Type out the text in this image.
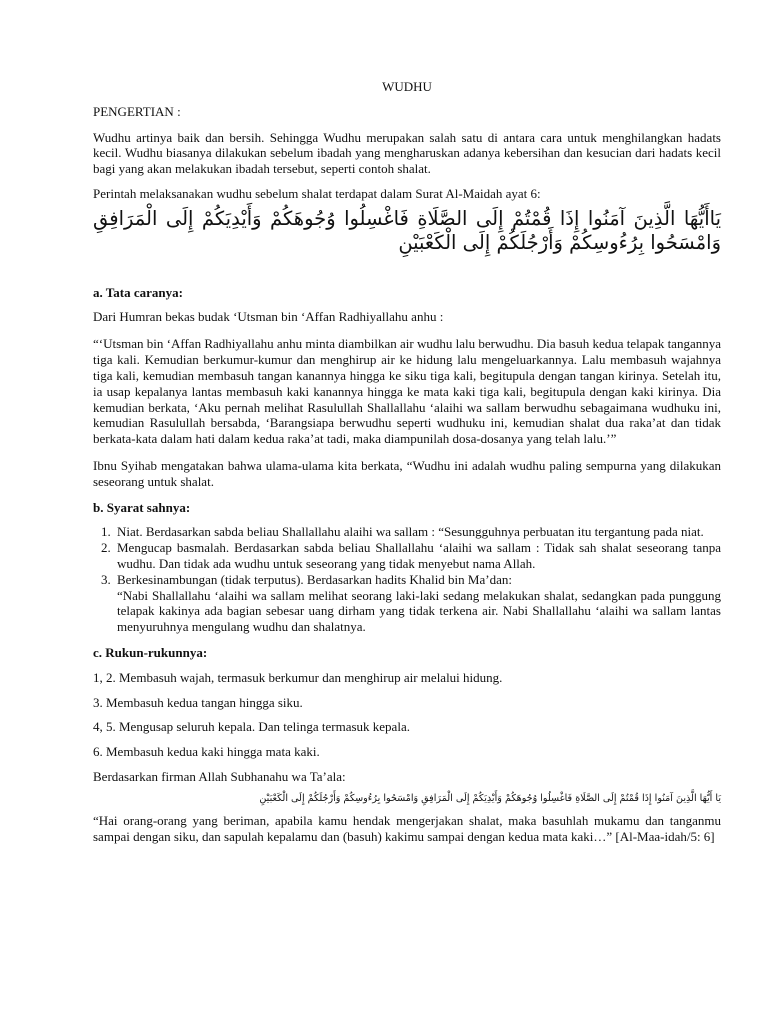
WUDHU

PENGERTIAN :

Wudhu artinya baik dan bersih. Sehingga Wudhu merupakan salah satu di antara cara untuk menghilangkan hadats kecil. Wudhu biasanya dilakukan sebelum ibadah yang mengharuskan adanya kebersihan dan kesucian dari hadats kecil bagi yang akan melakukan ibadah tersebut, seperti contoh shalat.

Perintah melaksanakan wudhu sebelum shalat terdapat dalam Surat Al-Maidah ayat 6:

يَاأَيُّهَا الَّذِينَ آمَنُوا إِذَا قُمْتُمْ إِلَى الصَّلَاةِ فَاغْسِلُوا وُجُوهَكُمْ وَأَيْدِيَكُمْ إِلَى الْمَرَافِقِ وَامْسَحُوا بِرُءُوسِكُمْ وَأَرْجُلَكُمْ إِلَى الْكَعْبَيْنِ

a. Tata caranya:

Dari Humran bekas budak ‘Utsman bin ‘Affan Radhiyallahu anhu :

“‘Utsman bin ‘Affan Radhiyallahu anhu minta diambilkan air wudhu lalu berwudhu. Dia basuh kedua telapak tangannya tiga kali. Kemudian berkumur-kumur dan menghirup air ke hidung lalu mengeluarkannya. Lalu membasuh wajahnya tiga kali, kemudian membasuh tangan kanannya hingga ke siku tiga kali, begitupula dengan tangan kirinya. Setelah itu, ia usap kepalanya lantas membasuh kaki kanannya hingga ke mata kaki tiga kali, begitupula dengan kaki kirinya. Dia kemudian berkata, ‘Aku pernah melihat Rasulullah Shallallahu ‘alaihi wa sallam berwudhu sebagaimana wudhuku ini, kemudian Rasulullah bersabda, ‘Barangsiapa berwudhu seperti wudhuku ini, kemudian shalat dua raka’at dan tidak berkata-kata dalam hati dalam kedua raka’at tadi, maka diampunilah dosa-dosanya yang telah lalu.’”

Ibnu Syihab mengatakan bahwa ulama-ulama kita berkata, “Wudhu ini adalah wudhu paling sempurna yang dilakukan seseorang untuk shalat.

b. Syarat sahnya:

1. Niat. Berdasarkan sabda beliau Shallallahu alaihi wa sallam : “Sesungguhnya perbuatan itu tergantung pada niat.
2. Mengucap basmalah. Berdasarkan sabda beliau Shallallahu ‘alaihi wa sallam : Tidak sah shalat seseorang tanpa wudhu. Dan tidak ada wudhu untuk seseorang yang tidak menyebut nama Allah.
3. Berkesinambungan (tidak terputus). Berdasarkan hadits Khalid bin Ma’dan:
“Nabi Shallallahu ‘alaihi wa sallam melihat seorang laki-laki sedang melakukan shalat, sedangkan pada punggung telapak kakinya ada bagian sebesar uang dirham yang tidak terkena air. Nabi Shallallahu ‘alaihi wa sallam lantas menyuruhnya mengulang wudhu dan shalatnya.

c. Rukun-rukunnya:

1, 2. Membasuh wajah, termasuk berkumur dan menghirup air melalui hidung.

3. Membasuh kedua tangan hingga siku.

4, 5. Mengusap seluruh kepala. Dan telinga termasuk kepala.

6. Membasuh kedua kaki hingga mata kaki.

Berdasarkan firman Allah Subhanahu wa Ta’ala:

يَا أَيُّهَا الَّذِينَ آمَنُوا إِذَا قُمْتُمْ إِلَى الصَّلَاةِ فَاغْسِلُوا وُجُوهَكُمْ وَأَيْدِيَكُمْ إِلَى الْمَرَافِقِ وَامْسَحُوا بِرُءُوسِكُمْ وَأَرْجُلَكُمْ إِلَى الْكَعْبَيْنِ

“Hai orang-orang yang beriman, apabila kamu hendak mengerjakan shalat, maka basuhlah mukamu dan tanganmu sampai dengan siku, dan sapulah kepalamu dan (basuh) kakimu sampai dengan kedua mata kaki…” [Al-Maa-idah/5: 6]
